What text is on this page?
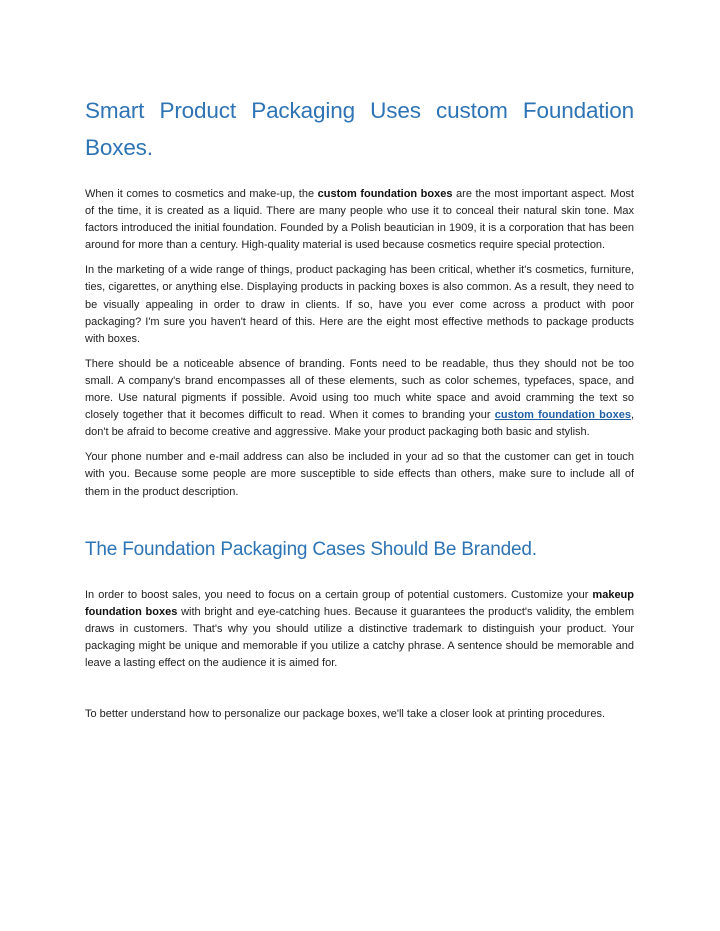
Smart Product Packaging Uses custom Foundation Boxes.

When it comes to cosmetics and make-up, the custom foundation boxes are the most important aspect. Most of the time, it is created as a liquid. There are many people who use it to conceal their natural skin tone. Max factors introduced the initial foundation. Founded by a Polish beautician in 1909, it is a corporation that has been around for more than a century. High-quality material is used because cosmetics require special protection.

In the marketing of a wide range of things, product packaging has been critical, whether it's cosmetics, furniture, ties, cigarettes, or anything else. Displaying products in packing boxes is also common. As a result, they need to be visually appealing in order to draw in clients. If so, have you ever come across a product with poor packaging? I'm sure you haven't heard of this. Here are the eight most effective methods to package products with boxes.

There should be a noticeable absence of branding. Fonts need to be readable, thus they should not be too small. A company's brand encompasses all of these elements, such as color schemes, typefaces, space, and more. Use natural pigments if possible. Avoid using too much white space and avoid cramming the text so closely together that it becomes difficult to read. When it comes to branding your custom foundation boxes, don't be afraid to become creative and aggressive. Make your product packaging both basic and stylish.

Your phone number and e-mail address can also be included in your ad so that the customer can get in touch with you. Because some people are more susceptible to side effects than others, make sure to include all of them in the product description.

The Foundation Packaging Cases Should Be Branded.

In order to boost sales, you need to focus on a certain group of potential customers. Customize your makeup foundation boxes with bright and eye-catching hues. Because it guarantees the product's validity, the emblem draws in customers. That's why you should utilize a distinctive trademark to distinguish your product. Your packaging might be unique and memorable if you utilize a catchy phrase. A sentence should be memorable and leave a lasting effect on the audience it is aimed for.

To better understand how to personalize our package boxes, we'll take a closer look at printing procedures.
